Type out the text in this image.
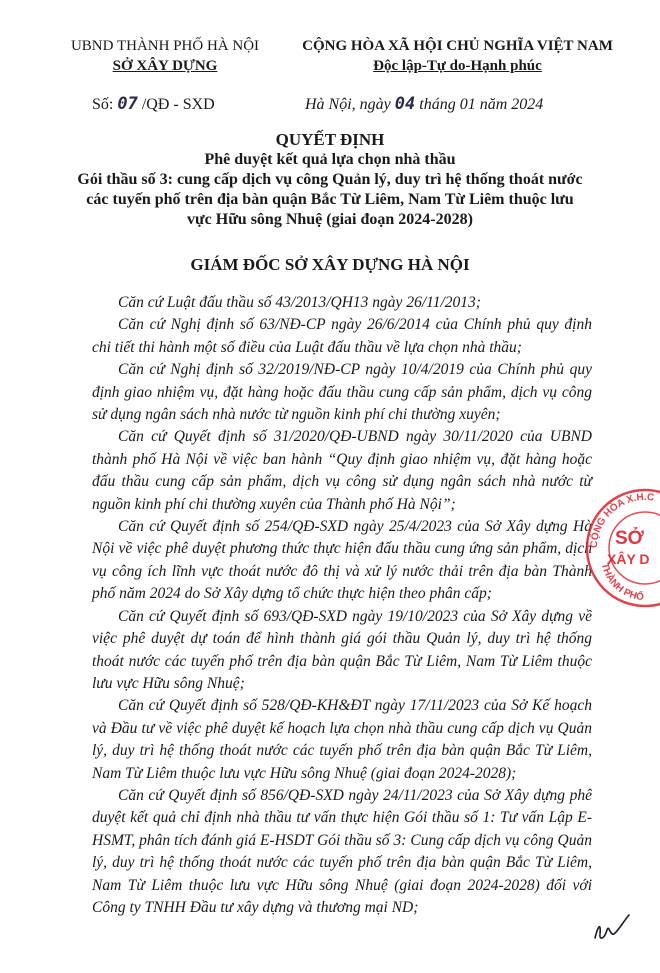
UBND THÀNH PHỐ HÀ NỘI
SỞ XÂY DỰNG
CỘNG HÒA XÃ HỘI CHỦ NGHĨA VIỆT NAM
Độc lập-Tự do-Hạnh phúc
Số: 07 /QĐ - SXD	Hà Nội, ngày 04 tháng 01 năm 2024
QUYẾT ĐỊNH
Phê duyệt kết quả lựa chọn nhà thầu
Gói thầu số 3: cung cấp dịch vụ công Quản lý, duy trì hệ thống thoát nước
các tuyến phố trên địa bàn quận Bắc Từ Liêm, Nam Từ Liêm thuộc lưu
vực Hữu sông Nhuệ (giai đoạn 2024-2028)
GIÁM ĐỐC SỞ XÂY DỰNG HÀ NỘI

Căn cứ Luật đấu thầu số 43/2013/QH13 ngày 26/11/2013;

Căn cứ Nghị định số 63/NĐ-CP ngày 26/6/2014 của Chính phủ quy định chi tiết thi hành một số điều của Luật đấu thầu về lựa chọn nhà thầu;

Căn cứ Nghị định số 32/2019/NĐ-CP ngày 10/4/2019 của Chính phủ quy định giao nhiệm vụ, đặt hàng hoặc đấu thầu cung cấp sản phẩm, dịch vụ công sử dụng ngân sách nhà nước từ nguồn kinh phí chi thường xuyên;

Căn cứ Quyết định số 31/2020/QĐ-UBND ngày 30/11/2020 của UBND thành phố Hà Nội về việc ban hành “Quy định giao nhiệm vụ, đặt hàng hoặc đấu thầu cung cấp sản phẩm, dịch vụ công sử dụng ngân sách nhà nước từ nguồn kinh phí chi thường xuyên của Thành phố Hà Nội”;

Căn cứ Quyết định số 254/QĐ-SXD ngày 25/4/2023 của Sở Xây dựng Hà Nội về việc phê duyệt phương thức thực hiện đấu thầu cung ứng sản phẩm, dịch vụ công ích lĩnh vực thoát nước đô thị và xử lý nước thải trên địa bàn Thành phố năm 2024 do Sở Xây dựng tổ chức thực hiện theo phân cấp;

Căn cứ Quyết định số 693/QĐ-SXD ngày 19/10/2023 của Sở Xây dựng về việc phê duyệt dự toán để hình thành giá gói thầu Quản lý, duy trì hệ thống thoát nước các tuyến phố trên địa bàn quận Bắc Từ Liêm, Nam Từ Liêm thuộc lưu vực Hữu sông Nhuệ;

Căn cứ Quyết định số 528/QĐ-KH&ĐT ngày 17/11/2023 của Sở Kế hoạch và Đầu tư về việc phê duyệt kế hoạch lựa chọn nhà thầu cung cấp dịch vụ Quản lý, duy trì hệ thống thoát nước các tuyến phố trên địa bàn quận Bắc Từ Liêm, Nam Từ Liêm thuộc lưu vực Hữu sông Nhuệ (giai đoạn 2024-2028);

Căn cứ Quyết định số 856/QĐ-SXD ngày 24/11/2023 của Sở Xây dựng phê duyệt kết quả chỉ định nhà thầu tư vấn thực hiện Gói thầu số 1: Tư vấn Lập E-HSMT, phân tích đánh giá E-HSDT Gói thầu số 3: Cung cấp dịch vụ công Quản lý, duy trì hệ thống thoát nước các tuyến phố trên địa bàn quận Bắc Từ Liêm, Nam Từ Liêm thuộc lưu vực Hữu sông Nhuệ (giai đoạn 2024-2028) đối với Công ty TNHH Đầu tư xây dựng và thương mại ND;

CỘNG HÒA X.H.C
THÀNH PHỐ
SỞ
XÂY D
